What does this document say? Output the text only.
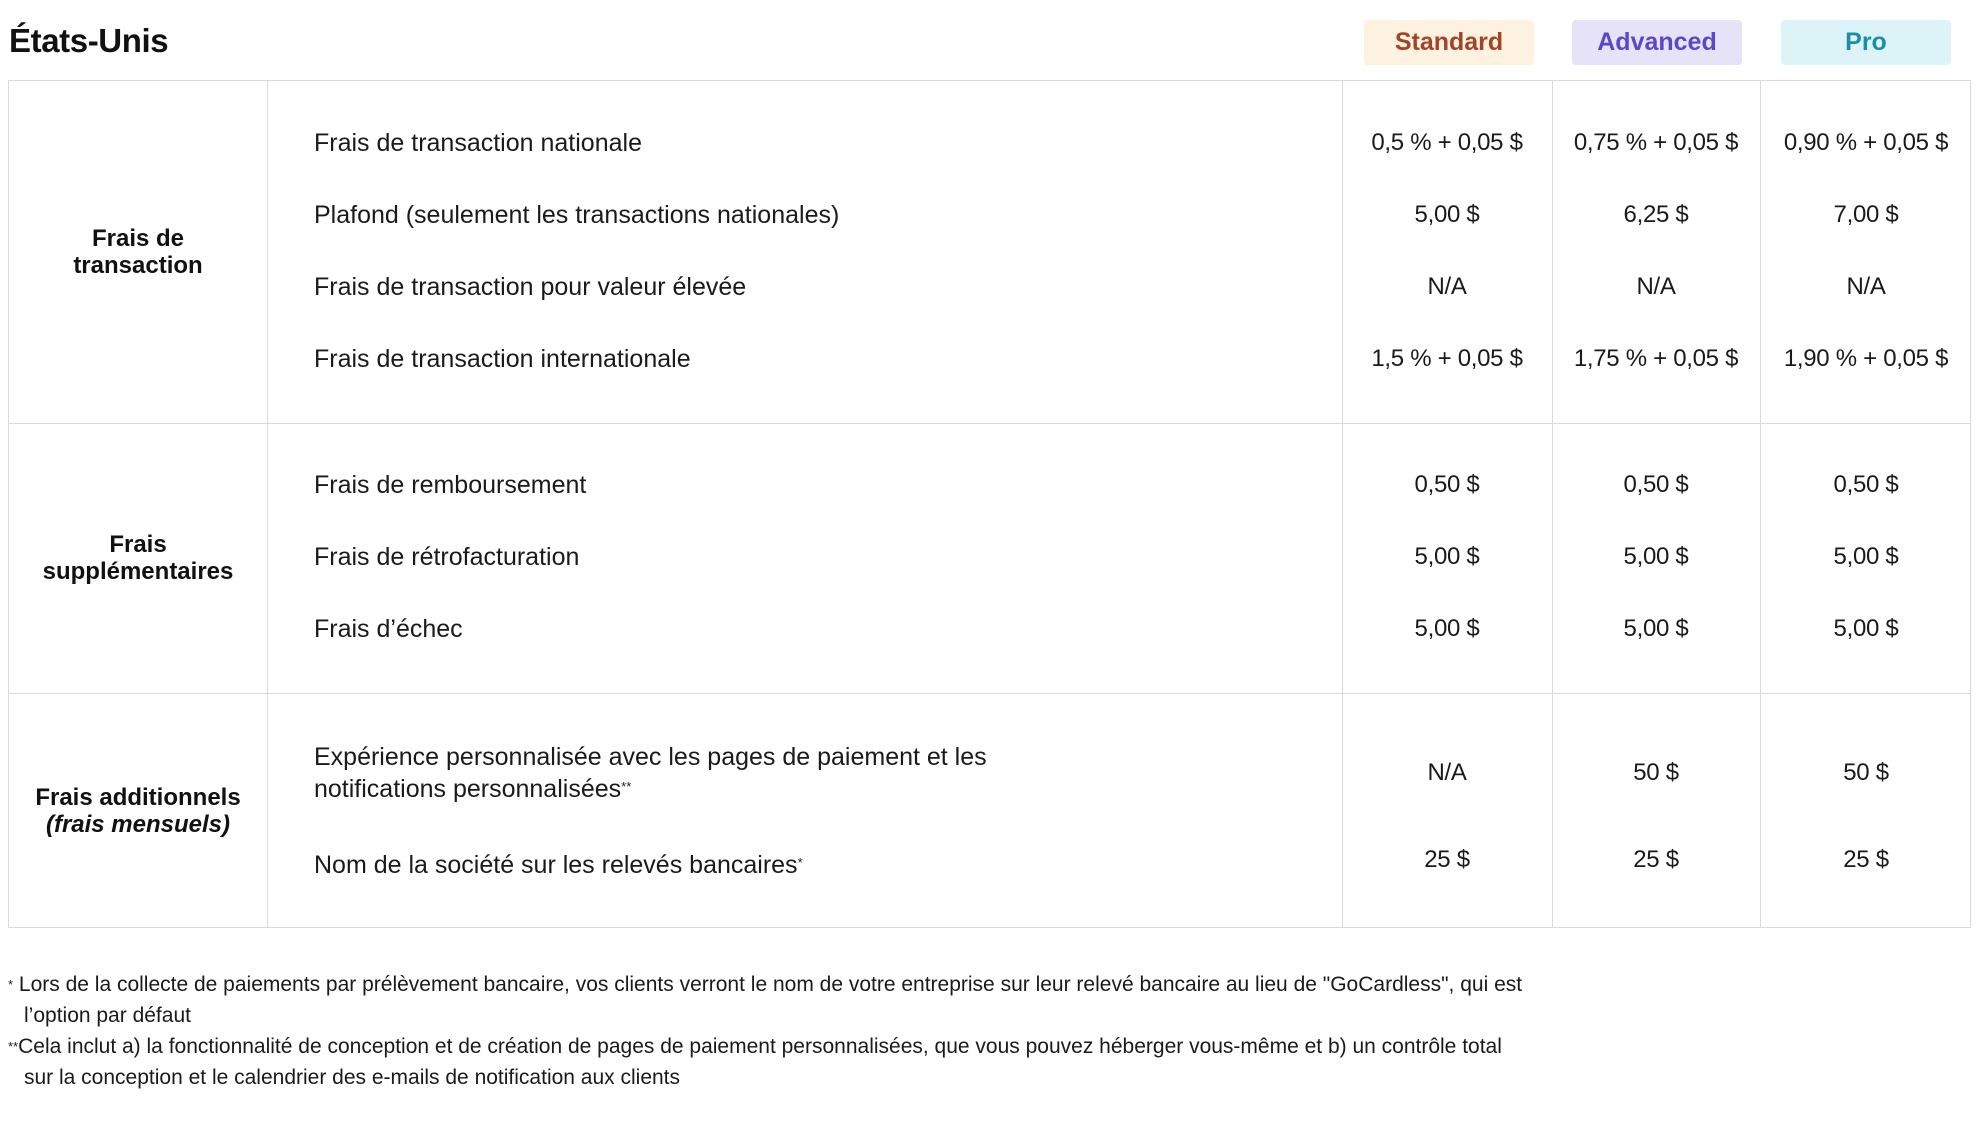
États-Unis	Standard	Advanced	Pro
Frais de
transaction
Frais de transaction nationale	0,5 % + 0,05 $	0,75 % + 0,05 $	0,90 % + 0,05 $
Plafond (seulement les transactions nationales)	5,00 $	6,25 $	7,00 $
Frais de transaction pour valeur élevée	N/A	N/A	N/A
Frais de transaction internationale	1,5 % + 0,05 $	1,75 % + 0,05 $	1,90 % + 0,05 $
Frais
supplémentaires
Frais de remboursement	0,50 $	0,50 $	0,50 $
Frais de rétrofacturation	5,00 $	5,00 $	5,00 $
Frais d’échec	5,00 $	5,00 $	5,00 $
Frais additionnels
(frais mensuels)
Expérience personnalisée avec les pages de paiement et les
notifications personnalisées**
N/A	50 $	50 $
Nom de la société sur les relevés bancaires*	25 $	25 $	25 $
* Lors de la collecte de paiements par prélèvement bancaire, vos clients verront le nom de votre entreprise sur leur relevé bancaire au lieu de "GoCardless", qui est
l’option par défaut
**Cela inclut a) la fonctionnalité de conception et de création de pages de paiement personnalisées, que vous pouvez héberger vous-même et b) un contrôle total
sur la conception et le calendrier des e-mails de notification aux clients
